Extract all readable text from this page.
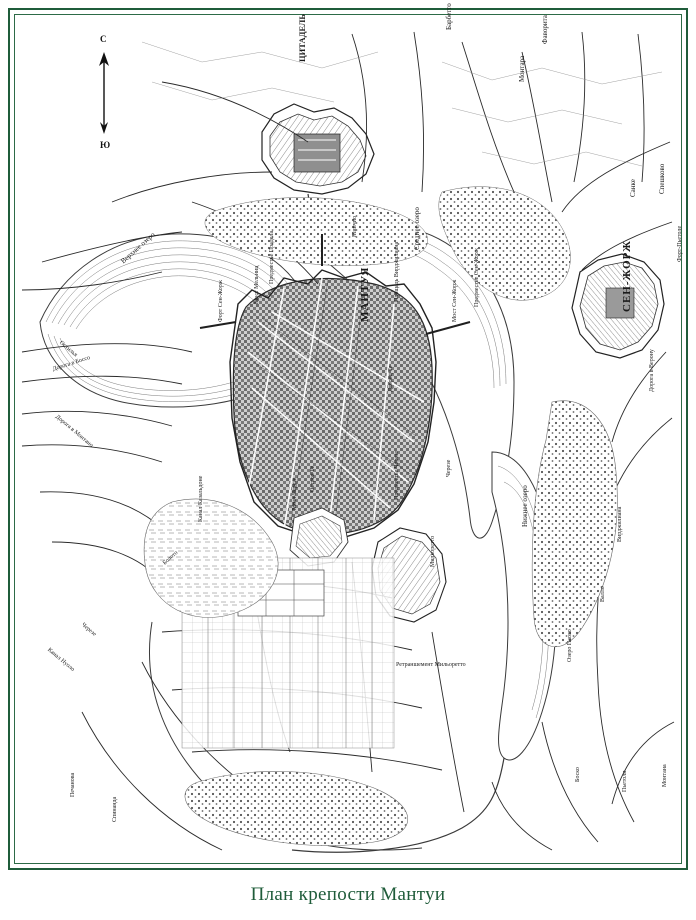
С
Ю
ЦИТАДЕЛЬ
СЕН-ЖОРЖ
МАНТУЯ
Барбетто	Фаворита
Монтара
Санке	Спешково
Форт-Пьетоле
Верхнее озеро	Среднее озеро
Нижнее озеро
Минчио
Предместье Сен-Жорж
Мост Сен-Жорж
Площадь Вирджилиана
Дворец Те
Предместье Прадела
Мост Мельниц
Форт Сен-Жорж
Дорога в Боссо
Остилья
Дорога в Монтано
Черезе
Предместье Черезе
Остров Те
Мост Черезе
Канал Казальдоне
Болото
Ретраншемент Мильоретто
Мильоретто
Канал Нуоло
Черезе
Печанова
Спинанда
Боско	Пьетоли	Монтана
Вирджилиана
Валло
Озеро Паоло
Дорога в Верону
План крепости Мантуи
